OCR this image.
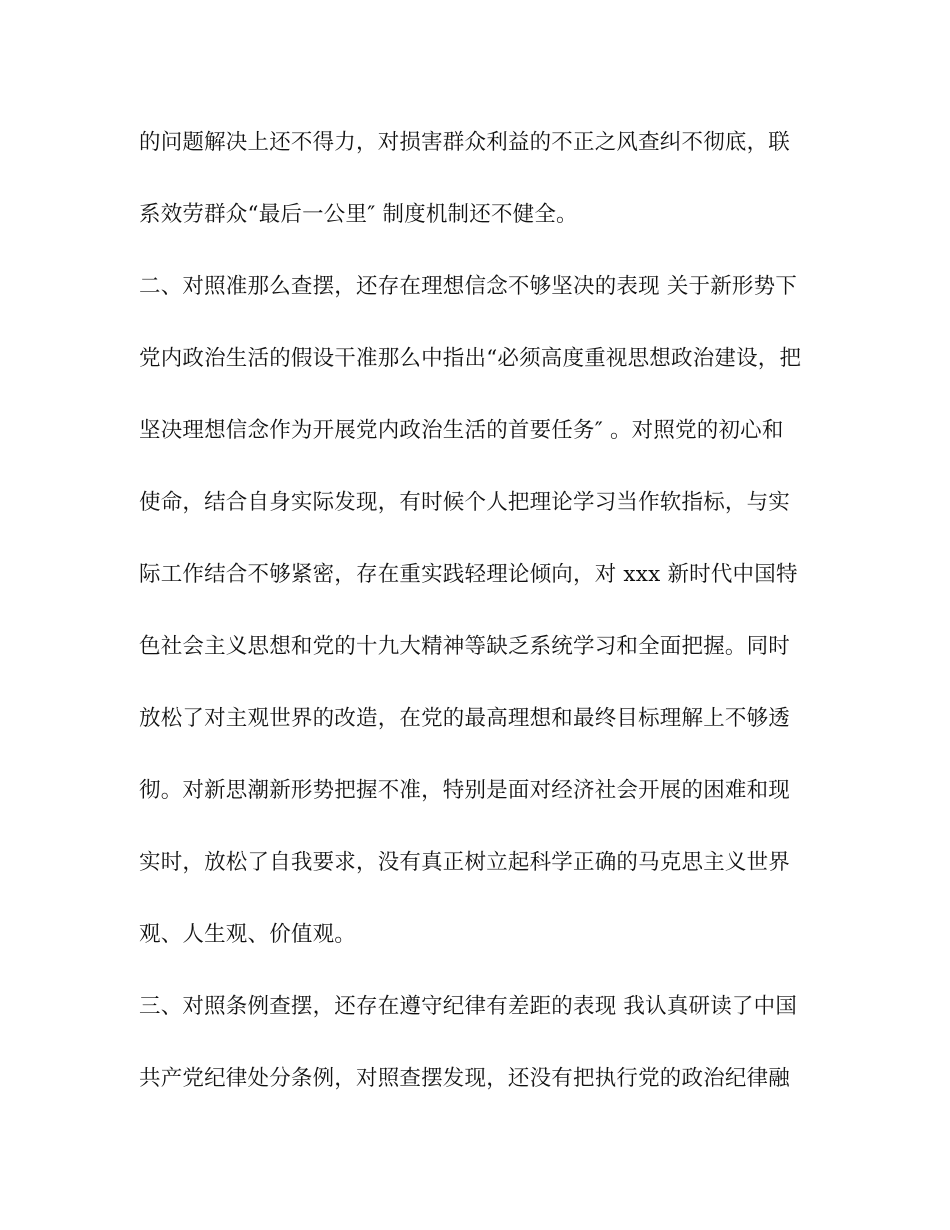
的问题解决上还不得力，对损害群众利益的不正之风查纠不彻底，联
系效劳群众“最后一公里″ 制度机制还不健全。
二、对照准那么查摆，还存在理想信念不够坚决的表现 关于新形势下
党内政治生活的假设干准那么中指出“必须高度重视思想政治建设，把
坚决理想信念作为开展党内政治生活的首要任务″ 。对照党的初心和
使命，结合自身实际发现，有时候个人把理论学习当作软指标，与实
际工作结合不够紧密，存在重实践轻理论倾向，对 xxx 新时代中国特
色社会主义思想和党的十九大精神等缺乏系统学习和全面把握。同时
放松了对主观世界的改造，在党的最高理想和最终目标理解上不够透
彻。对新思潮新形势把握不准，特别是面对经济社会开展的困难和现
实时，放松了自我要求，没有真正树立起科学正确的马克思主义世界
观、人生观、价值观。
三、对照条例查摆，还存在遵守纪律有差距的表现 我认真研读了中国
共产党纪律处分条例，对照查摆发现，还没有把执行党的政治纪律融
